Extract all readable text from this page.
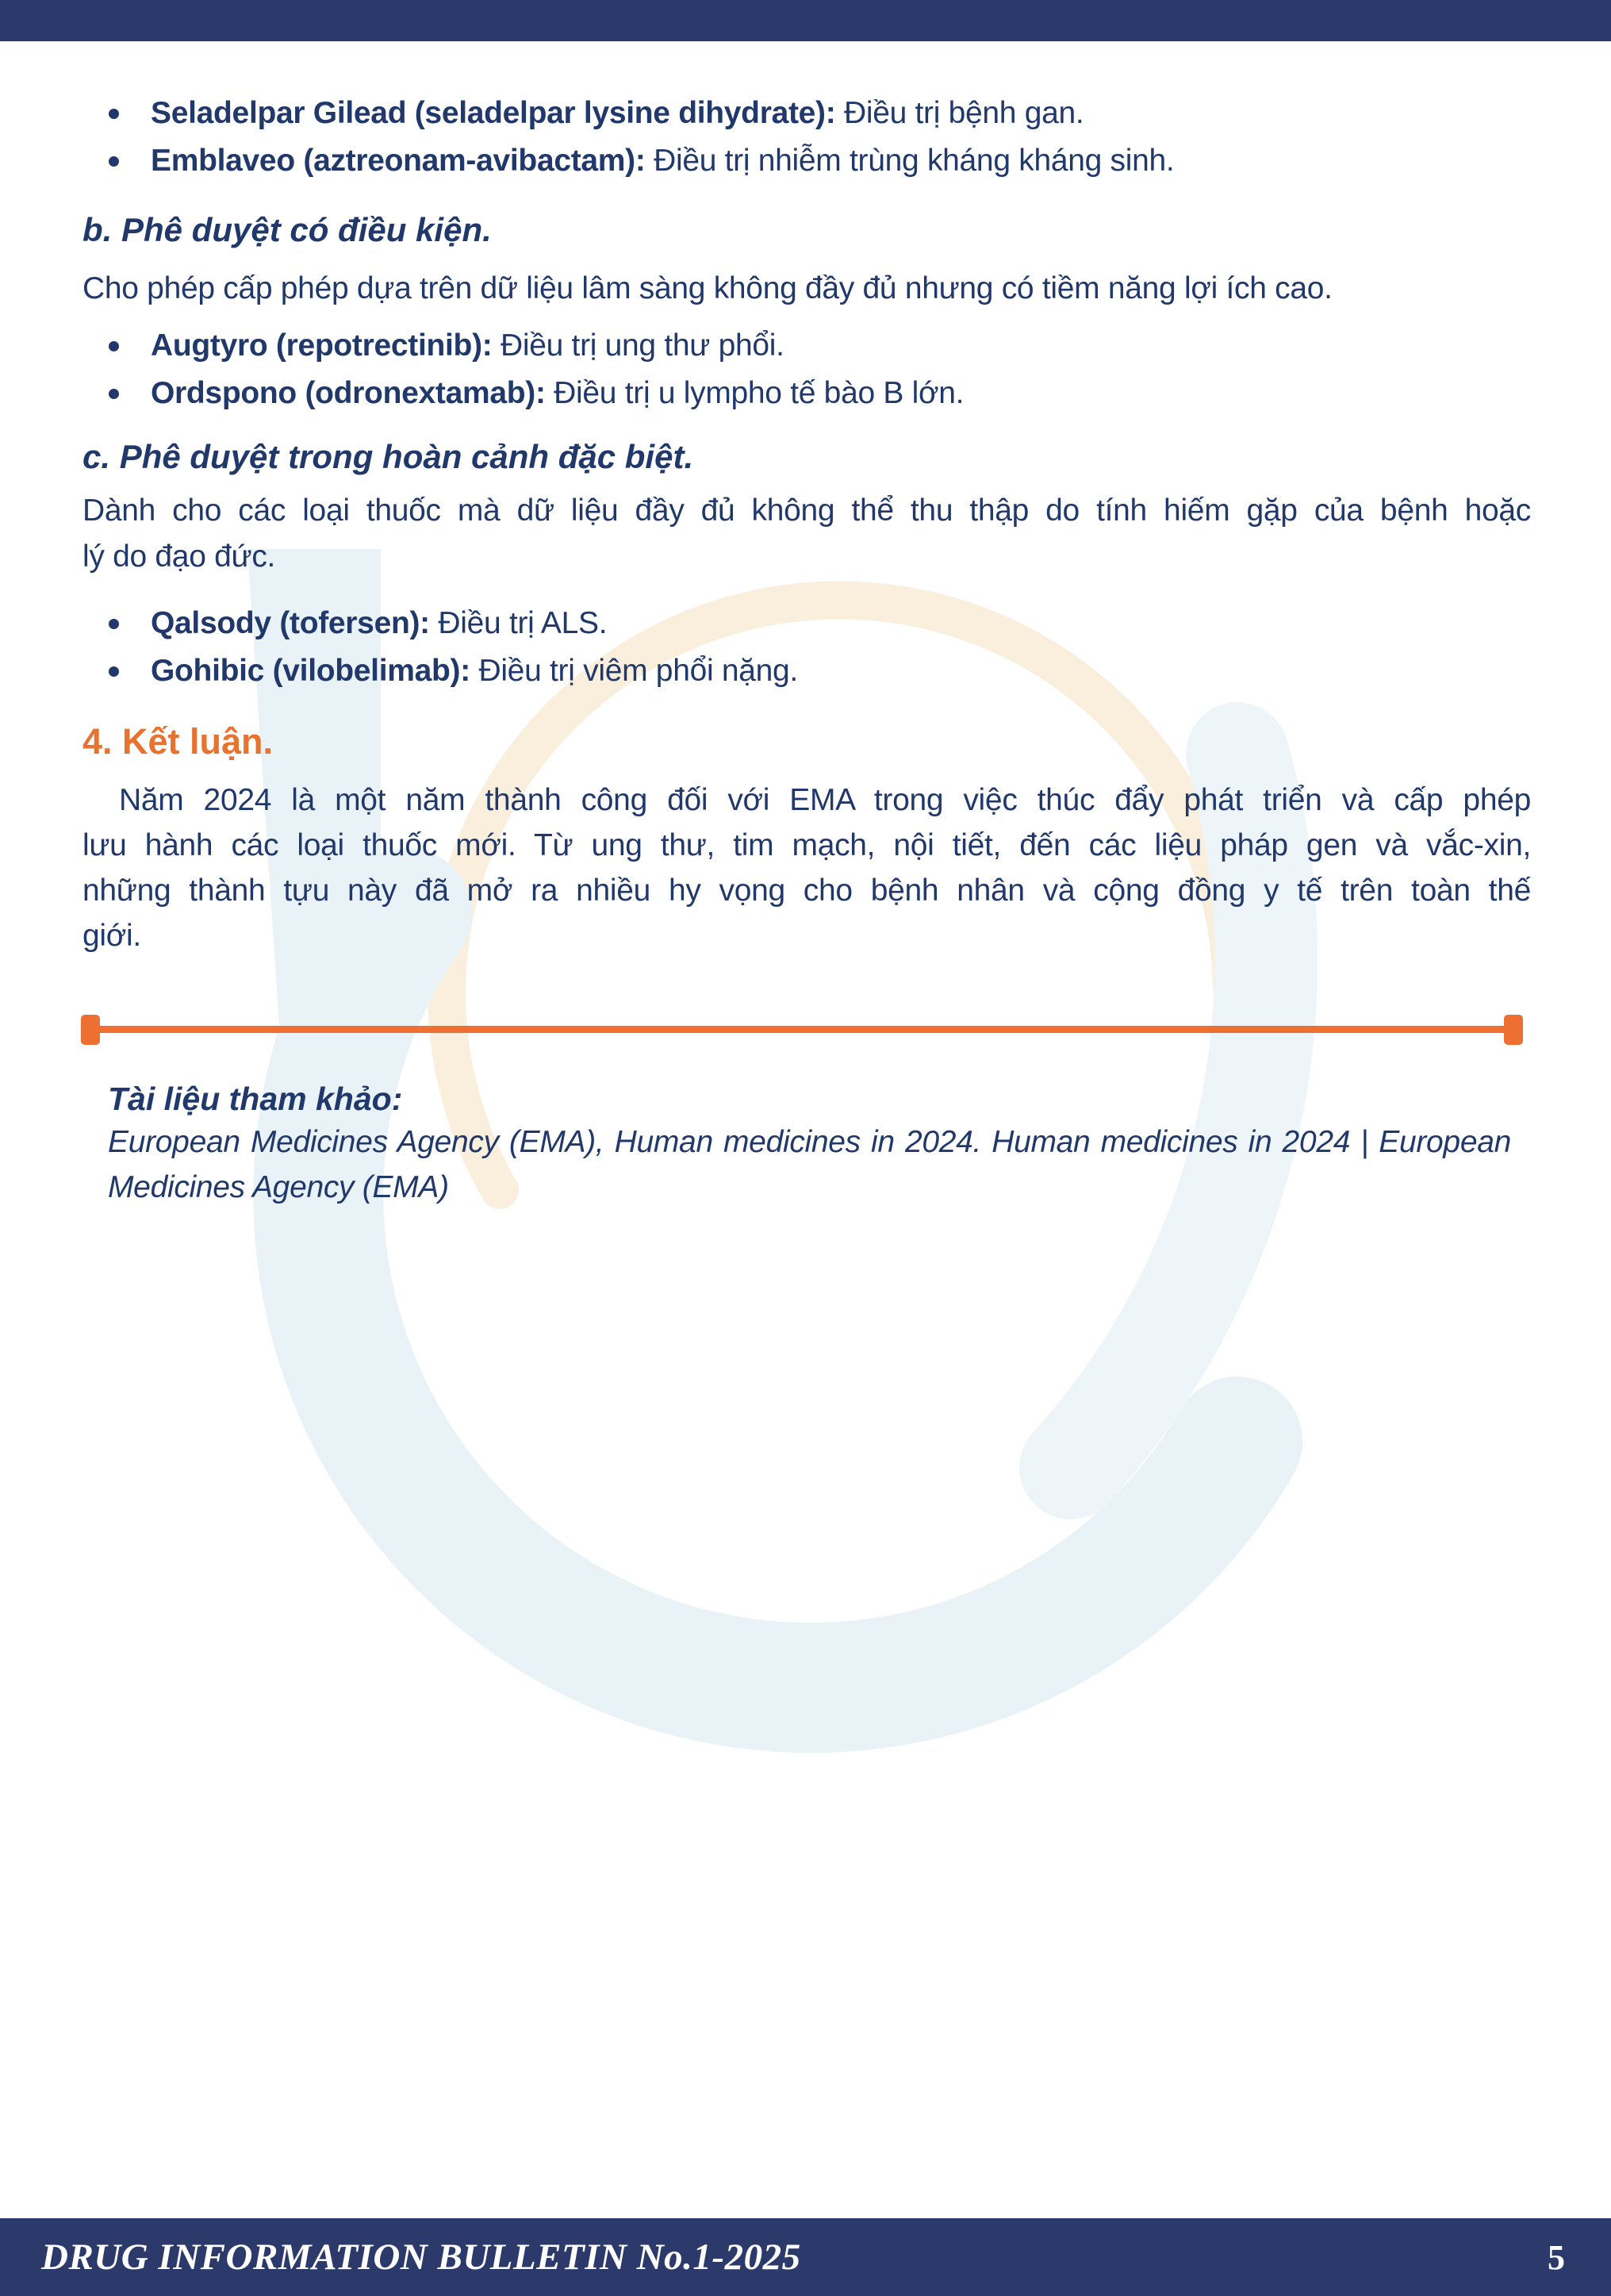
Seladelpar Gilead (seladelpar lysine dihydrate): Điều trị bệnh gan.
Emblaveo (aztreonam-avibactam): Điều trị nhiễm trùng kháng kháng sinh.
b. Phê duyệt có điều kiện.
Cho phép cấp phép dựa trên dữ liệu lâm sàng không đầy đủ nhưng có tiềm năng lợi ích cao.
Augtyro (repotrectinib): Điều trị ung thư phổi.
Ordspono (odronextamab): Điều trị u lympho tế bào B lớn.
c. Phê duyệt trong hoàn cảnh đặc biệt.
Dành cho các loại thuốc mà dữ liệu đầy đủ không thể thu thập do tính hiếm gặp của bệnh hoặc
lý do đạo đức.
Qalsody (tofersen): Điều trị ALS.
Gohibic (vilobelimab): Điều trị viêm phổi nặng.
4. Kết luận.
Năm 2024 là một năm thành công đối với EMA trong việc thúc đẩy phát triển và cấp phép
lưu hành các loại thuốc mới. Từ ung thư, tim mạch, nội tiết, đến các liệu pháp gen và vắc-xin,
những thành tựu này đã mở ra nhiều hy vọng cho bệnh nhân và cộng đồng y tế trên toàn thế
giới.
Tài liệu tham khảo:
European Medicines Agency (EMA), Human medicines in 2024. Human medicines in 2024 | European
Medicines Agency (EMA)
DRUG INFORMATION BULLETIN No.1-2025	5
